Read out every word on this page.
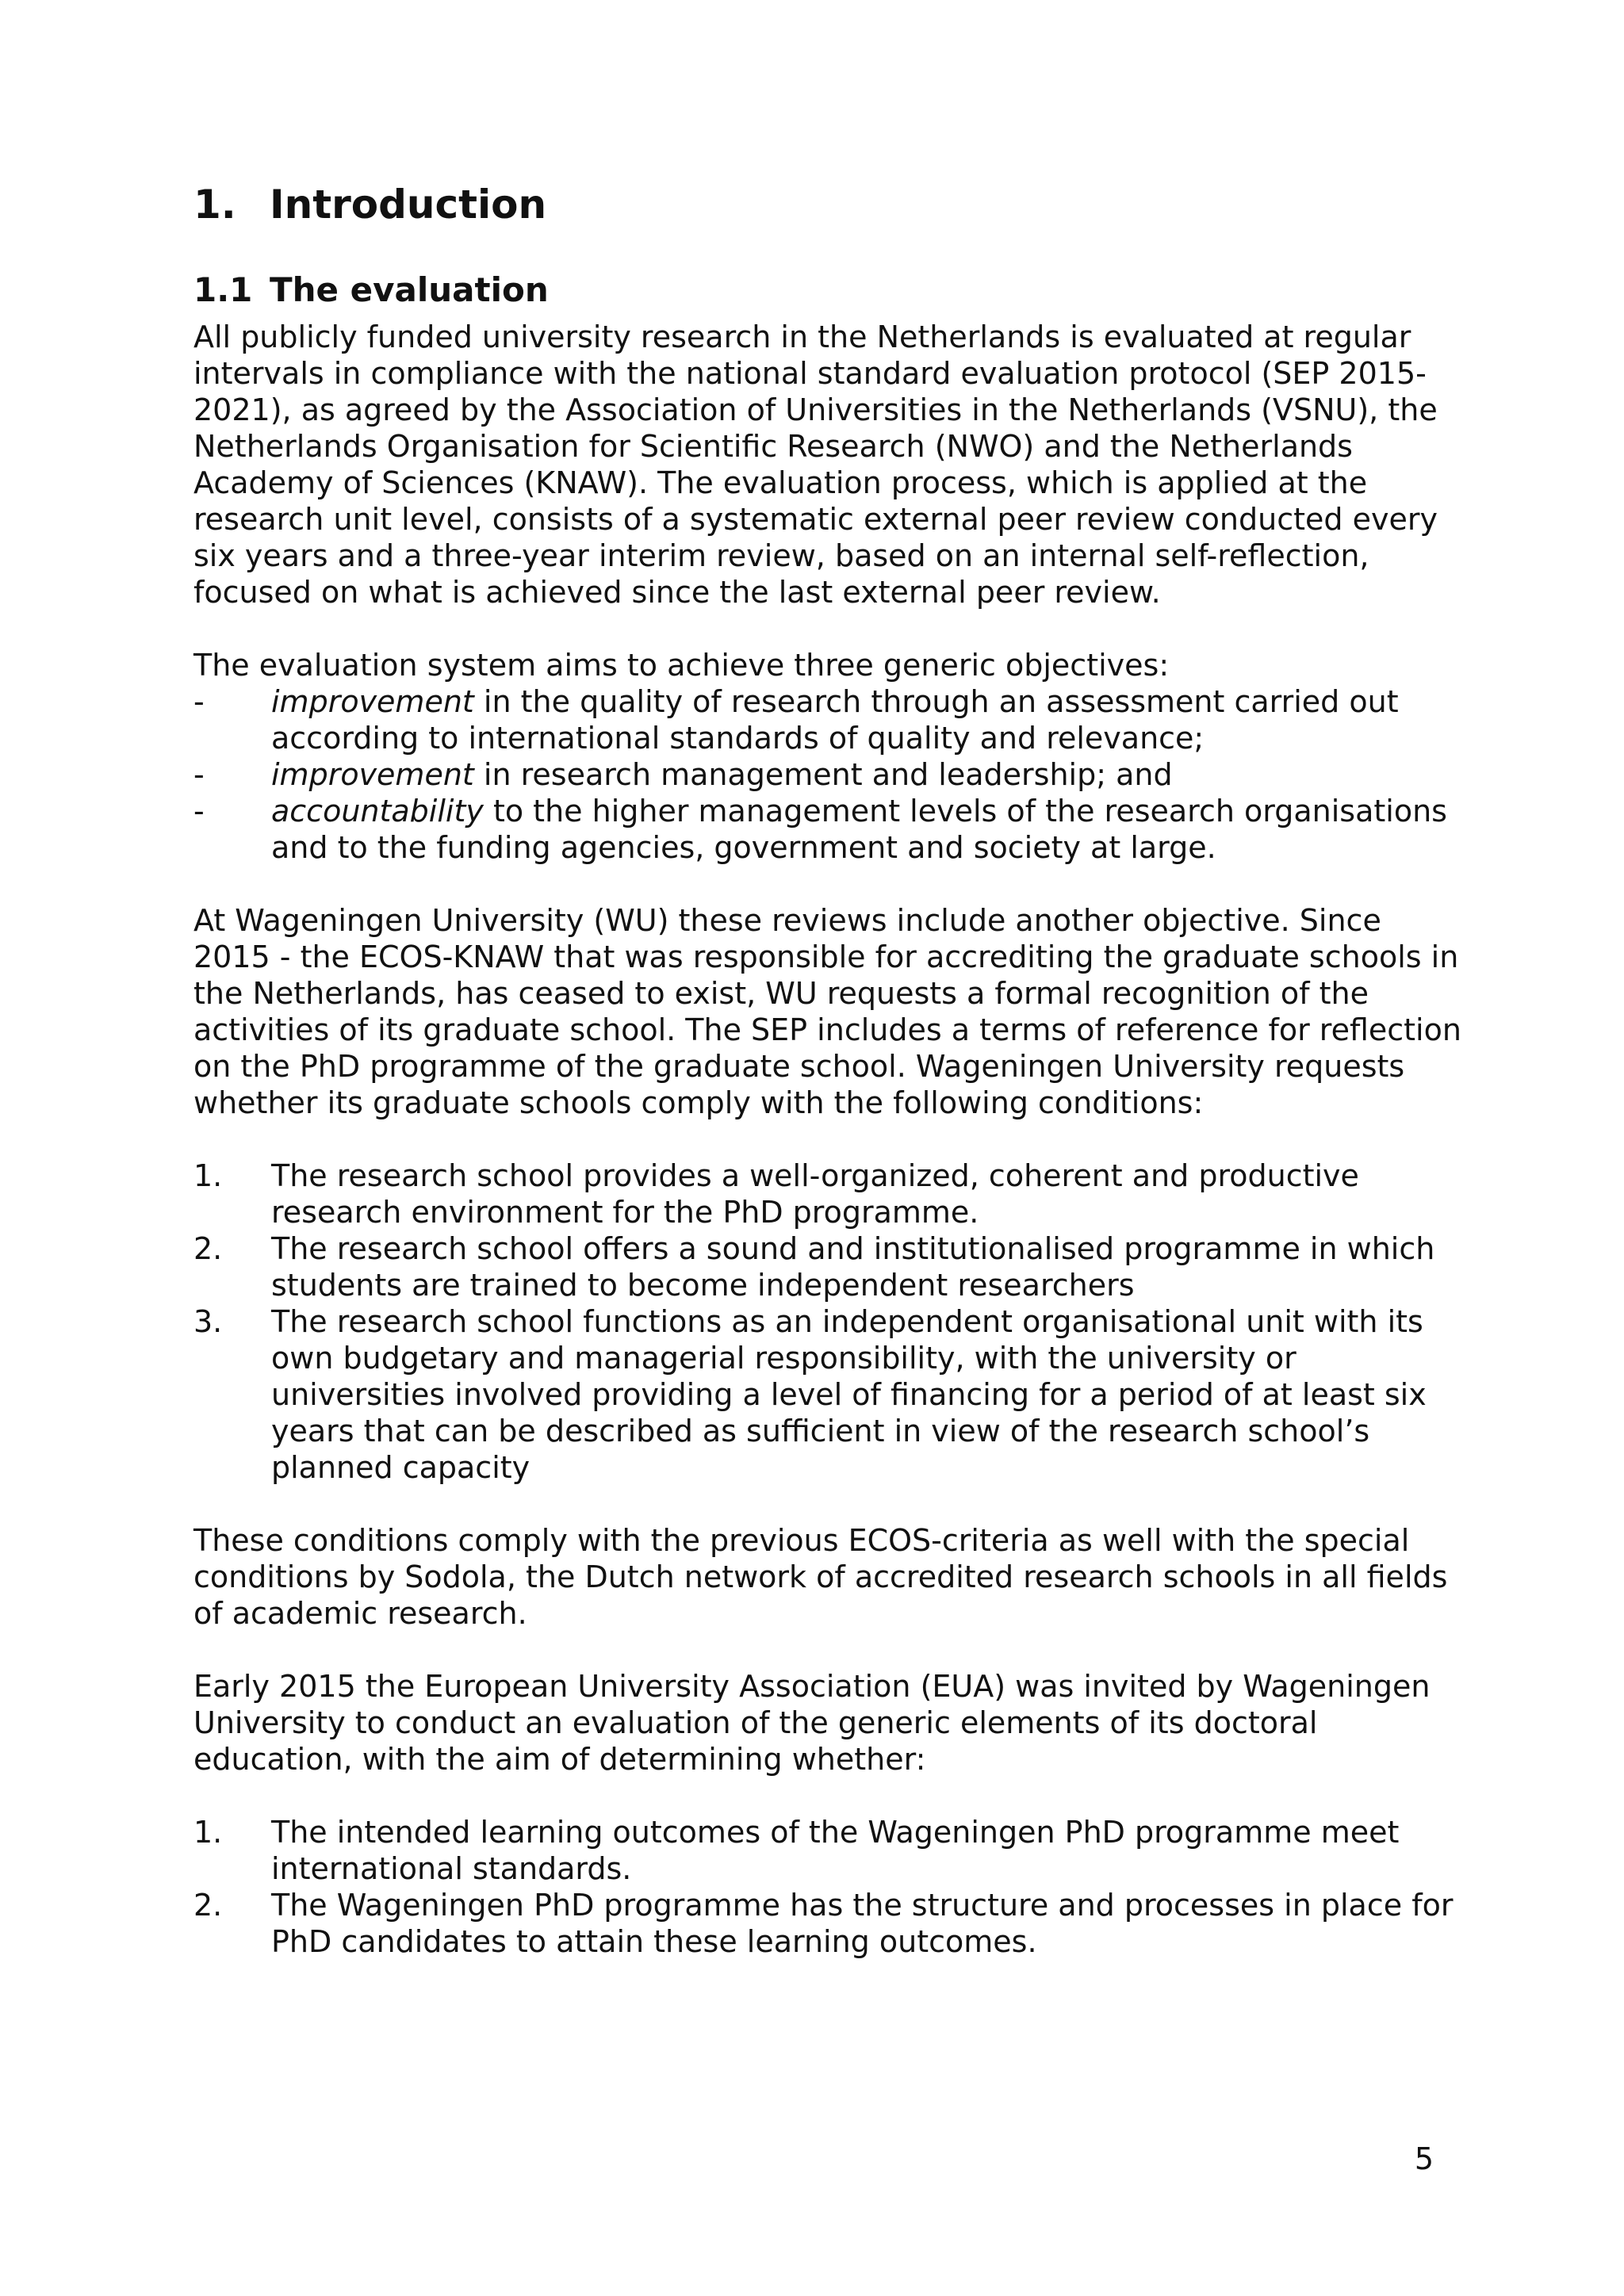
1. Introduction
1.1 The evaluation

All publicly funded university research in the Netherlands is evaluated at regular intervals in compliance with the national standard evaluation protocol (SEP 2015-2021), as agreed by the Association of Universities in the Netherlands (VSNU), the Netherlands Organisation for Scientific Research (NWO) and the Netherlands Academy of Sciences (KNAW). The evaluation process, which is applied at the research unit level, consists of a systematic external peer review conducted every six years and a three-year interim review, based on an internal self-reflection, focused on what is achieved since the last external peer review.

The evaluation system aims to achieve three generic objectives:

-	improvement in the quality of research through an assessment carried out according to international standards of quality and relevance;
-	improvement in research management and leadership; and
-	accountability to the higher management levels of the research organisations and to the funding agencies, government and society at large.

At Wageningen University (WU) these reviews include another objective. Since 2015 - the ECOS-KNAW that was responsible for accrediting the graduate schools in the Netherlands, has ceased to exist, WU requests a formal recognition of the activities of its graduate school. The SEP includes a terms of reference for reflection on the PhD programme of the graduate school. Wageningen University requests whether its graduate schools comply with the following conditions:

1.	The research school provides a well-organized, coherent and productive research environment for the PhD programme.
2.	The research school offers a sound and institutionalised programme in which students are trained to become independent researchers
3.	The research school functions as an independent organisational unit with its own budgetary and managerial responsibility, with the university or universities involved providing a level of financing for a period of at least six years that can be described as sufficient in view of the research school’s planned capacity

These conditions comply with the previous ECOS-criteria as well with the special conditions by Sodola, the Dutch network of accredited research schools in all fields of academic research.

Early 2015 the European University Association (EUA) was invited by Wageningen University to conduct an evaluation of the generic elements of its doctoral education, with the aim of determining whether:

1.	The intended learning outcomes of the Wageningen PhD programme meet international standards.
2.	The Wageningen PhD programme has the structure and processes in place for PhD candidates to attain these learning outcomes.
5
